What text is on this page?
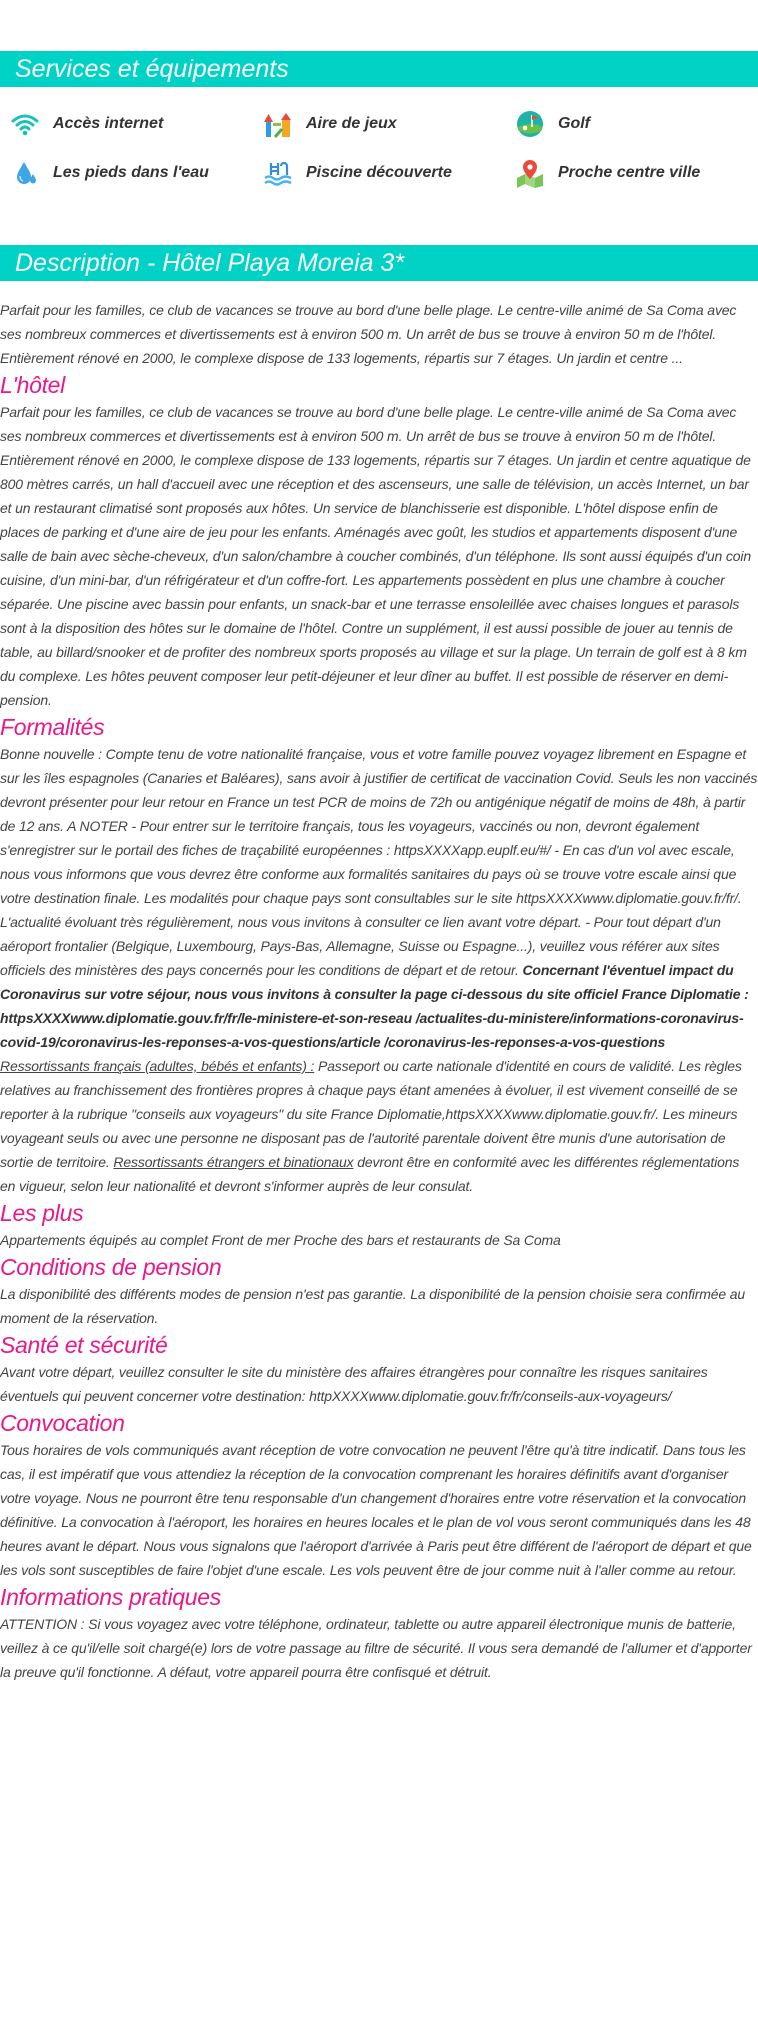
Services et équipements
Accès internet	Aire de jeux	Golf
Les pieds dans l'eau	Piscine découverte	Proche centre ville
Description - Hôtel Playa Moreia 3*

Parfait pour les familles, ce club de vacances se trouve au bord d'une belle plage. Le centre-ville animé de Sa Coma avec ses nombreux commerces et divertissements est à environ 500 m. Un arrêt de bus se trouve à environ 50 m de l'hôtel. Entièrement rénové en 2000, le complexe dispose de 133 logements, répartis sur 7 étages. Un jardin et centre ...

L'hôtel

Parfait pour les familles, ce club de vacances se trouve au bord d'une belle plage. Le centre-ville animé de Sa Coma avec ses nombreux commerces et divertissements est à environ 500 m. Un arrêt de bus se trouve à environ 50 m de l'hôtel. Entièrement rénové en 2000, le complexe dispose de 133 logements, répartis sur 7 étages. Un jardin et centre aquatique de 800 mètres carrés, un hall d'accueil avec une réception et des ascenseurs, une salle de télévision, un accès Internet, un bar et un restaurant climatisé sont proposés aux hôtes. Un service de blanchisserie est disponible. L'hôtel dispose enfin de places de parking et d'une aire de jeu pour les enfants. Aménagés avec goût, les studios et appartements disposent d'une salle de bain avec sèche-cheveux, d'un salon/chambre à coucher combinés, d'un téléphone. Ils sont aussi équipés d'un coin cuisine, d'un mini-bar, d'un réfrigérateur et d'un coffre-fort. Les appartements possèdent en plus une chambre à coucher séparée. Une piscine avec bassin pour enfants, un snack-bar et une terrasse ensoleillée avec chaises longues et parasols sont à la disposition des hôtes sur le domaine de l'hôtel. Contre un supplément, il est aussi possible de jouer au tennis de table, au billard/snooker et de profiter des nombreux sports proposés au village et sur la plage. Un terrain de golf est à 8 km du complexe. Les hôtes peuvent composer leur petit-déjeuner et leur dîner au buffet. Il est possible de réserver en demi-pension.

Formalités

Bonne nouvelle : Compte tenu de votre nationalité française, vous et votre famille pouvez voyagez librement en Espagne et sur les îles espagnoles (Canaries et Baléares), sans avoir à justifier de certificat de vaccination Covid. Seuls les non vaccinés devront présenter pour leur retour en France un test PCR de moins de 72h ou antigénique négatif de moins de 48h, à partir de 12 ans. A NOTER - Pour entrer sur le territoire français, tous les voyageurs, vaccinés ou non, devront également s'enregistrer sur le portail des fiches de traçabilité européennes : httpsXXXXapp.euplf.eu/#/ - En cas d'un vol avec escale, nous vous informons que vous devrez être conforme aux formalités sanitaires du pays où se trouve votre escale ainsi que votre destination finale. Les modalités pour chaque pays sont consultables sur le site httpsXXXXwww.diplomatie.gouv.fr/fr/. L'actualité évoluant très régulièrement, nous vous invitons à consulter ce lien avant votre départ. - Pour tout départ d'un aéroport frontalier (Belgique, Luxembourg, Pays-Bas, Allemagne, Suisse ou Espagne...), veuillez vous référer aux sites officiels des ministères des pays concernés pour les conditions de départ et de retour. Concernant l'éventuel impact du Coronavirus sur votre séjour, nous vous invitons à consulter la page ci-dessous du site officiel France Diplomatie : httpsXXXXwww.diplomatie.gouv.fr/fr/le-ministere-et-son-reseau /actualites-du-ministere/informations-coronavirus-covid-19/coronavirus-les-reponses-a-vos-questions/article /coronavirus-les-reponses-a-vos-questions Ressortissants français (adultes, bébés et enfants) : Passeport ou carte nationale d'identité en cours de validité. Les règles relatives au franchissement des frontières propres à chaque pays étant amenées à évoluer, il est vivement conseillé de se reporter à la rubrique "conseils aux voyageurs" du site France Diplomatie,httpsXXXXwww.diplomatie.gouv.fr/. Les mineurs voyageant seuls ou avec une personne ne disposant pas de l'autorité parentale doivent être munis d'une autorisation de sortie de territoire. Ressortissants étrangers et binationaux devront être en conformité avec les différentes réglementations en vigueur, selon leur nationalité et devront s'informer auprès de leur consulat.

Les plus

Appartements équipés au complet Front de mer Proche des bars et restaurants de Sa Coma

Conditions de pension

La disponibilité des différents modes de pension n'est pas garantie. La disponibilité de la pension choisie sera confirmée au moment de la réservation.

Santé et sécurité

Avant votre départ, veuillez consulter le site du ministère des affaires étrangères pour connaître les risques sanitaires éventuels qui peuvent concerner votre destination: httpXXXXwww.diplomatie.gouv.fr/fr/conseils-aux-voyageurs/

Convocation

Tous horaires de vols communiqués avant réception de votre convocation ne peuvent l'être qu'à titre indicatif. Dans tous les cas, il est impératif que vous attendiez la réception de la convocation comprenant les horaires définitifs avant d'organiser votre voyage. Nous ne pourront être tenu responsable d'un changement d'horaires entre votre réservation et la convocation définitive. La convocation à l'aéroport, les horaires en heures locales et le plan de vol vous seront communiqués dans les 48 heures avant le départ. Nous vous signalons que l'aéroport d'arrivée à Paris peut être différent de l'aéroport de départ et que les vols sont susceptibles de faire l'objet d'une escale. Les vols peuvent être de jour comme nuit à l'aller comme au retour.

Informations pratiques

ATTENTION : Si vous voyagez avec votre téléphone, ordinateur, tablette ou autre appareil électronique munis de batterie, veillez à ce qu'il/elle soit chargé(e) lors de votre passage au filtre de sécurité. Il vous sera demandé de l'allumer et d'apporter la preuve qu'il fonctionne. A défaut, votre appareil pourra être confisqué et détruit.
